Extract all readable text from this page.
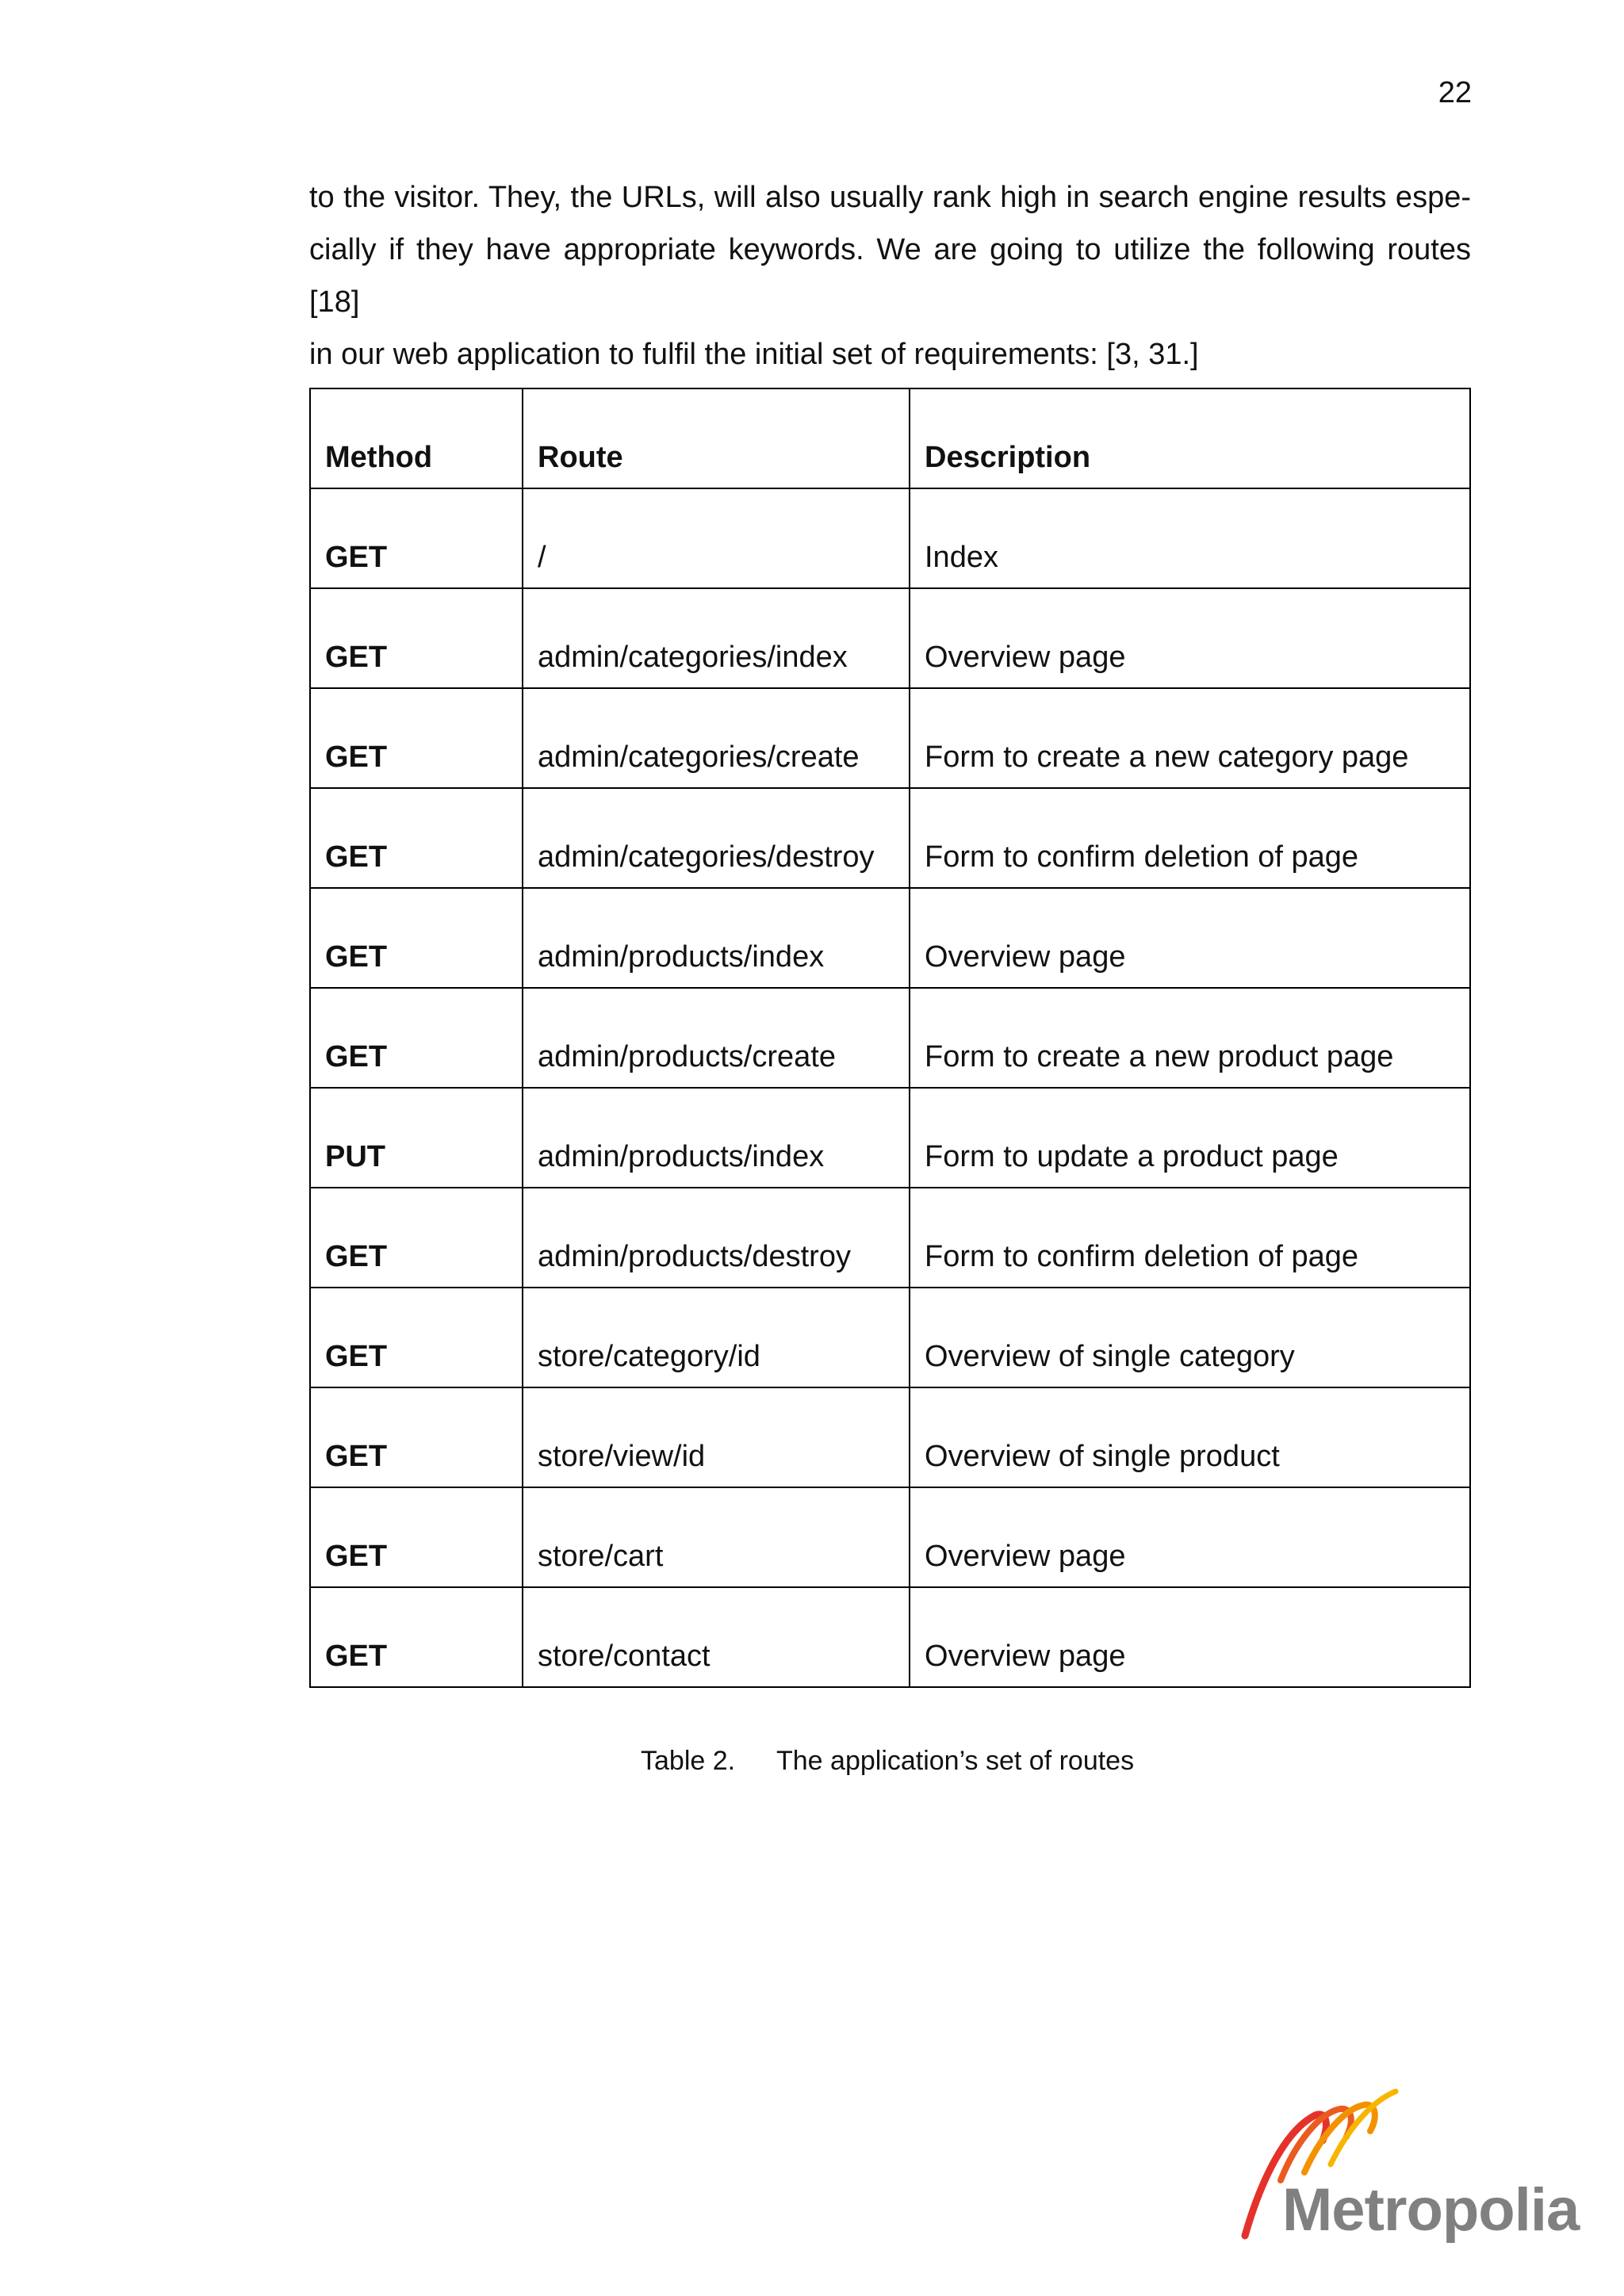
22
to the visitor. They, the URLs, will also usually rank high in search engine results espe-
cially if they have appropriate keywords. We are going to utilize the following routes [18]
in our web application to fulfil the initial set of requirements: [3, 31.]
Method	Route	Description
GET	/	Index
GET	admin/categories/index	Overview page
GET	admin/categories/create	Form to create a new category page
GET	admin/categories/destroy	Form to confirm deletion of page
GET	admin/products/index	Overview page
GET	admin/products/create	Form to create a new product page
PUT	admin/products/index	Form to update a product page
GET	admin/products/destroy	Form to confirm deletion of page
GET	store/category/id	Overview of single category
GET	store/view/id	Overview of single product
GET	store/cart	Overview page
GET	store/contact	Overview page
Table 2. The application’s set of routes
Metropolia
